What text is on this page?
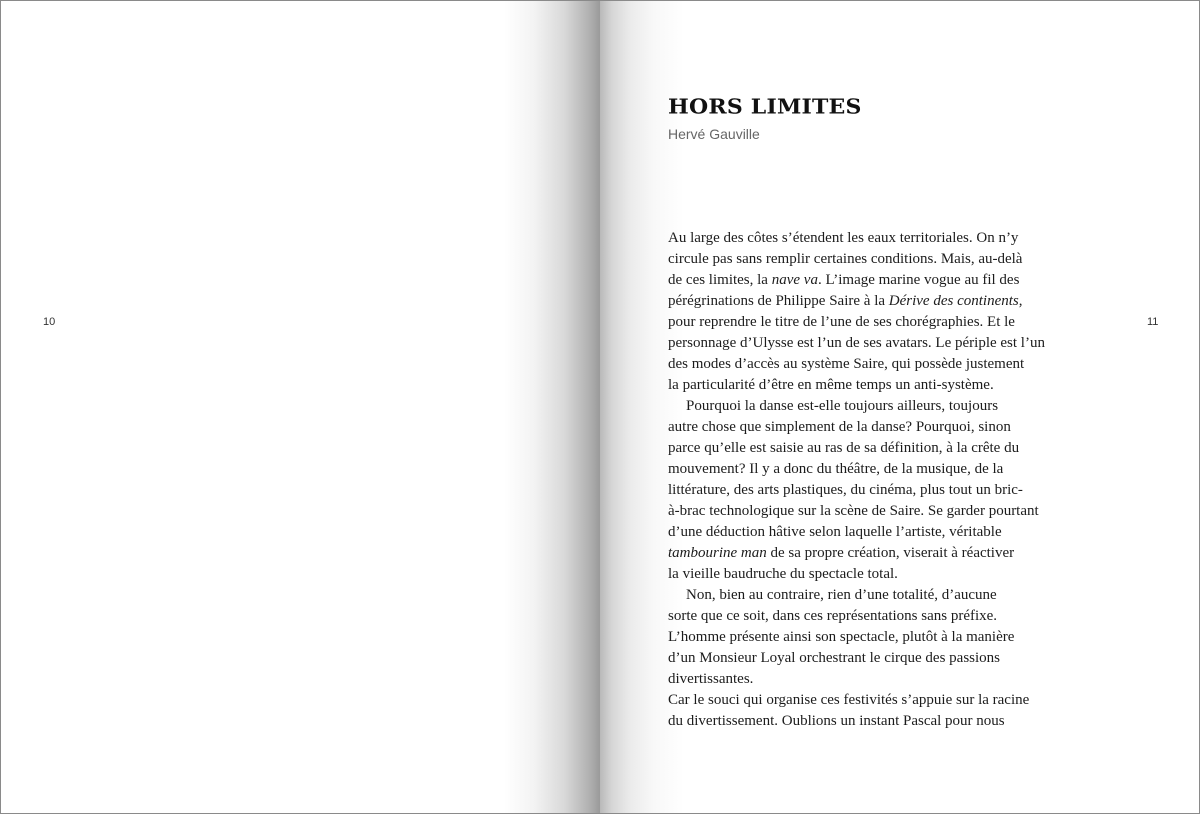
10	11
HORS LIMITES
Hervé Gauville
Au large des côtes s’étendent les eaux territoriales. On n’y
circule pas sans remplir certaines conditions. Mais, au-delà
de ces limites, la nave va. L’image marine vogue au fil des
pérégrinations de Philippe Saire à la Dérive des continents,
pour reprendre le titre de l’une de ses chorégraphies. Et le
personnage d’Ulysse est l’un de ses avatars. Le périple est l’un
des modes d’accès au système Saire, qui possède justement
la particularité d’être en même temps un anti-système.
Pourquoi la danse est-elle toujours ailleurs, toujours
autre chose que simplement de la danse? Pourquoi, sinon
parce qu’elle est saisie au ras de sa définition, à la crête du
mouvement? Il y a donc du théâtre, de la musique, de la
littérature, des arts plastiques, du cinéma, plus tout un bric-
à-brac technologique sur la scène de Saire. Se garder pourtant
d’une déduction hâtive selon laquelle l’artiste, véritable
tambourine man de sa propre création, viserait à réactiver
la vieille baudruche du spectacle total.
Non, bien au contraire, rien d’une totalité, d’aucune
sorte que ce soit, dans ces représentations sans préfixe.
L’homme présente ainsi son spectacle, plutôt à la manière
d’un Monsieur Loyal orchestrant le cirque des passions
divertissantes.
Car le souci qui organise ces festivités s’appuie sur la racine
du divertissement. Oublions un instant Pascal pour nous
